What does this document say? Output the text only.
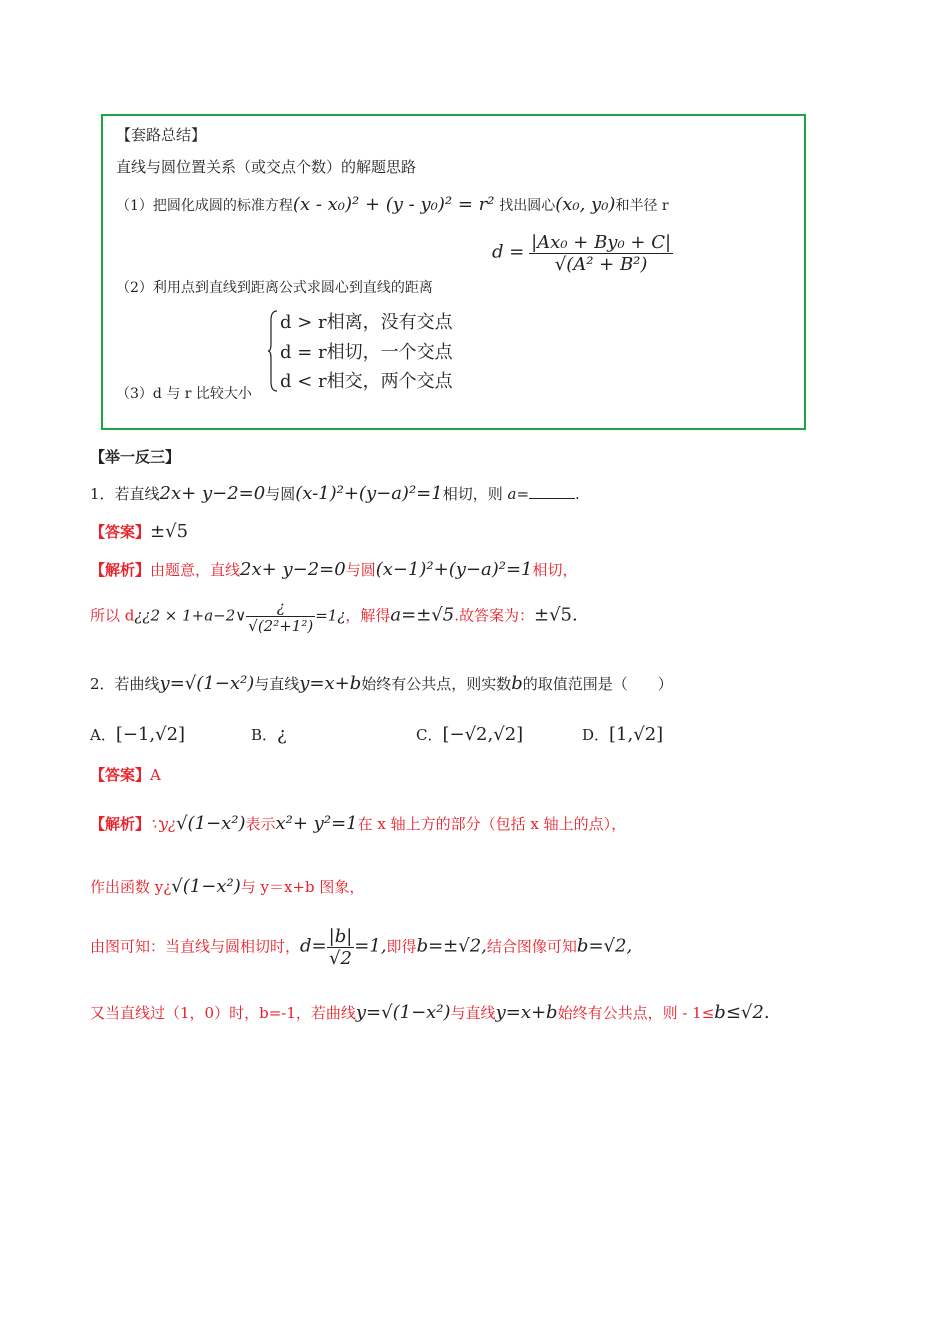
【套路总结】
直线与圆位置关系（或交点个数）的解题思路
（1）把圆化成圆的标准方程(x - x₀)² + (y - y₀)² = r² 找出圆心(x₀, y₀)和半径 r
$d = \frac{\text{|Ax₀ + By₀ + C|}}{\text{√(A² + B²)}}$
（2）利用点到直线到距离公式求圆心到直线的距离
d > r相离，没有交点
d = r相切，一个交点
d < r相交，两个交点
（3）d 与 r 比较大小
【举一反三】
1．若直线2x+ y−2=0与圆(x-1)²+(y−a)²=1相切，则 a=	.
【答案】±√5
【解析】由题意，直线2x+ y−2=0与圆(x−1)²+(y−a)²=1相切，
所以 d¿¿2 × 1+a−2∨ $\frac{¿}{\text{√(2²+1²)}}$ =1¿，解得a=±√5.故答案为：±√5.
2．若曲线y=√(1−x²)与直线y=x+b始终有公共点，则实数b的取值范围是（　　）
A．[−1,√2]	B．¿	C．[−√2,√2]	D．[1,√2]
【答案】A
【解析】∵y¿√(1−x²)表示x²+ y²=1在 x 轴上方的部分（包括 x 轴上的点），
作出函数 y¿√(1−x²)与 y＝x+b 图象，
由图可知：当直线与圆相切时，$d= \frac{|b|}{√2} =1$,即得b=±√2,结合图像可知b=√2,
又当直线过（1，0）时，b=-1，若曲线y=√(1−x²)与直线y=x+b始终有公共点，则 - 1≤b≤√2.
